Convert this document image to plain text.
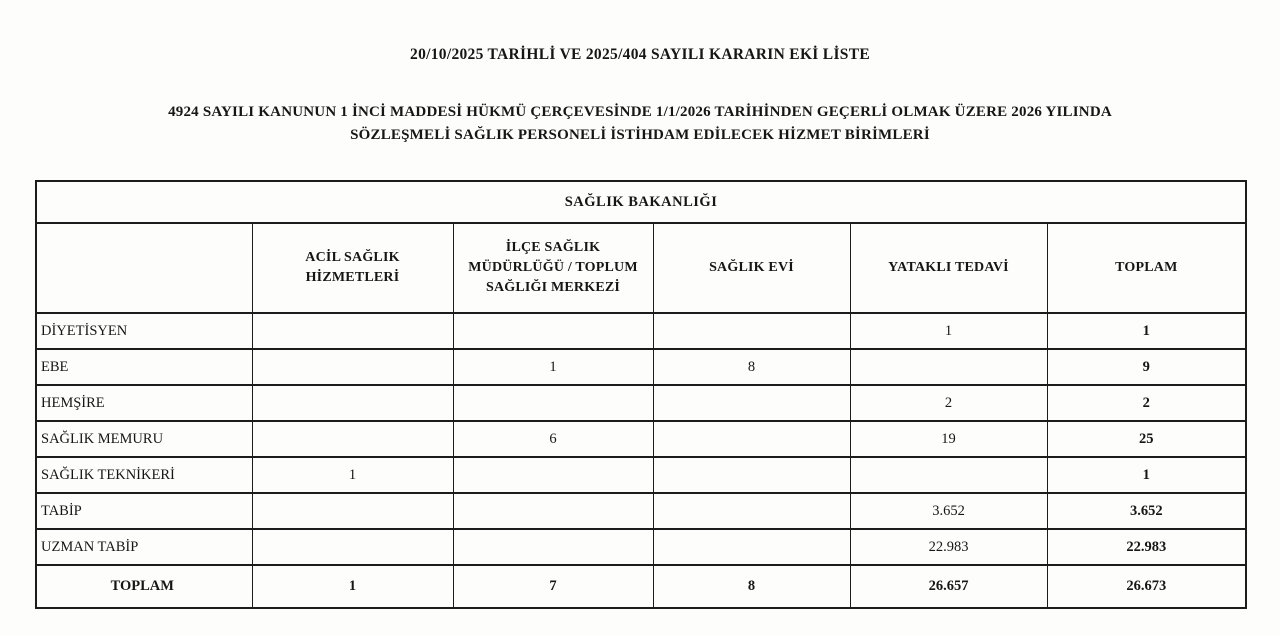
20/10/2025 TARİHLİ VE 2025/404 SAYILI KARARIN EKİ LİSTE
4924 SAYILI KANUNUN 1 İNCİ MADDESİ HÜKMÜ ÇERÇEVESİNDE 1/1/2026 TARİHİNDEN GEÇERLİ OLMAK ÜZERE 2026 YILINDA
SÖZLEŞMELİ SAĞLIK PERSONELİ İSTİHDAM EDİLECEK HİZMET BİRİMLERİ
SAĞLIK BAKANLIĞI					
	ACİL SAĞLIK HİZMETLERİ	İLÇE SAĞLIK MÜDÜRLÜĞÜ / TOPLUM SAĞLIĞI MERKEZİ	SAĞLIK EVİ	YATAKLI TEDAVİ	TOPLAM
DİYETİSYEN				1	1
EBE		1	8		9
HEMŞİRE				2	2
SAĞLIK MEMURU		6		19	25
SAĞLIK TEKNİKERİ	1				1
TABİP				3.652	3.652
UZMAN TABİP				22.983	22.983
TOPLAM	1	7	8	26.657	26.673
